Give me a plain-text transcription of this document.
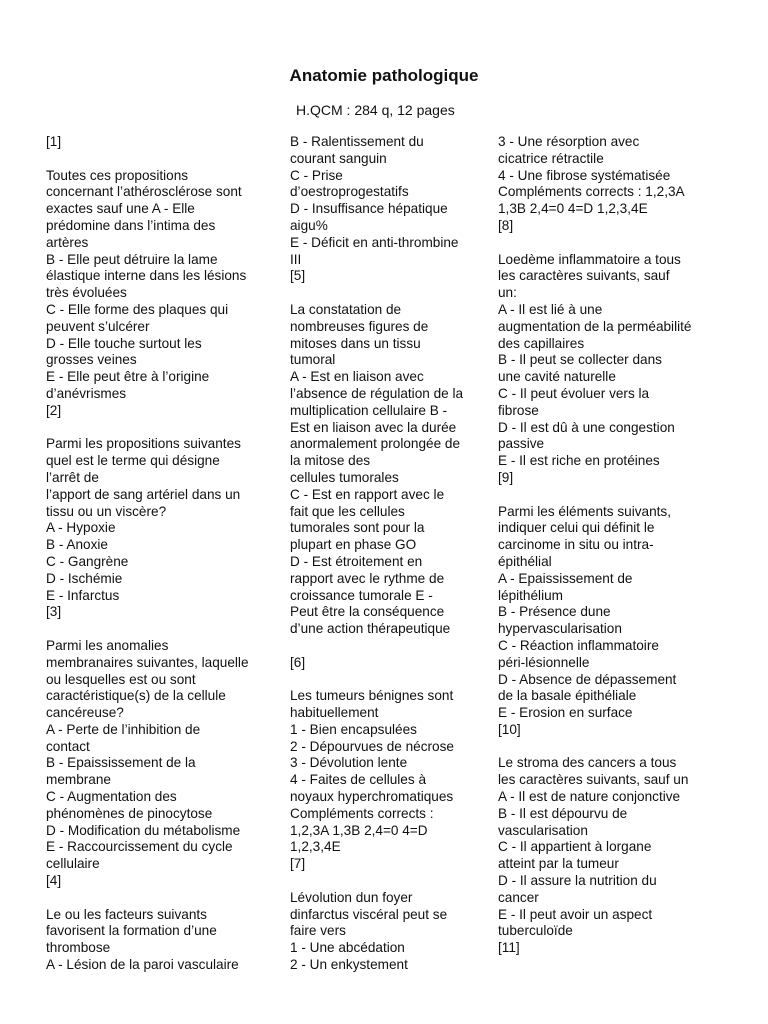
Anatomie pathologique
H.QCM : 284 q, 12 pages
[1]
Toutes ces propositions
concernant l’athérosclérose sont
exactes sauf une A - Elle
prédomine dans l’intima des
artères
B - Elle peut détruire la lame
élastique interne dans les lésions
très évoluées
C - Elle forme des plaques qui
peuvent s’ulcérer
D - Elle touche surtout les
grosses veines
E - Elle peut être à l’origine
d’anévrismes
[2]
Parmi les propositions suivantes
quel est le terme qui désigne
l’arrêt de
l’apport de sang artériel dans un
tissu ou un viscère?
A - Hypoxie
B - Anoxie
C - Gangrène
D - Ischémie
E - Infarctus
[3]
Parmi les anomalies
membranaires suivantes, laquelle
ou lesquelles est ou sont
caractéristique(s) de la cellule
cancéreuse?
A - Perte de l’inhibition de
contact
B - Epaississement de la
membrane
C - Augmentation des
phénomènes de pinocytose
D - Modification du métabolisme
E - Raccourcissement du cycle
cellulaire
[4]
Le ou les facteurs suivants
favorisent la formation d’une
thrombose
A - Lésion de la paroi vasculaire
B - Ralentissement du
courant sanguin
C - Prise
d’oestroprogestatifs
D - Insuffisance hépatique
aigu%
E - Déficit en anti-thrombine
III
[5]
La constatation de
nombreuses figures de
mitoses dans un tissu
tumoral
A - Est en liaison avec
l’absence de régulation de la
multiplication cellulaire B -
Est en liaison avec la durée
anormalement prolongée de
la mitose des
cellules tumorales
C - Est en rapport avec le
fait que les cellules
tumorales sont pour la
plupart en phase GO
D - Est étroitement en
rapport avec le rythme de
croissance tumorale E -
Peut être la conséquence
d’une action thérapeutique
[6]
Les tumeurs bénignes sont
habituellement
1 - Bien encapsulées
2 - Dépourvues de nécrose
3 - Dévolution lente
4 - Faites de cellules à
noyaux hyperchromatiques
Compléments corrects :
1,2,3A 1,3B 2,4=0 4=D
1,2,3,4E
[7]
Lévolution dun foyer
dinfarctus viscéral peut se
faire vers
1 - Une abcédation
2 - Un enkystement
3 - Une résorption avec
cicatrice rétractile
4 - Une fibrose systématisée
Compléments corrects : 1,2,3A
1,3B 2,4=0 4=D 1,2,3,4E
[8]
Loedème inflammatoire a tous
les caractères suivants, sauf
un:
A - Il est lié à une
augmentation de la perméabilité
des capillaires
B - Il peut se collecter dans
une cavité naturelle
C - Il peut évoluer vers la
fibrose
D - Il est dû à une congestion
passive
E - Il est riche en protéines
[9]
Parmi les éléments suivants,
indiquer celui qui définit le
carcinome in situ ou intra-
épithélial
A - Epaississement de
lépithélium
B - Présence dune
hypervascularisation
C - Réaction inflammatoire
péri-lésionnelle
D - Absence de dépassement
de la basale épithéliale
E - Erosion en surface
[10]
Le stroma des cancers a tous
les caractères suivants, sauf un
A - Il est de nature conjonctive
B - Il est dépourvu de
vascularisation
C - Il appartient à lorgane
atteint par la tumeur
D - Il assure la nutrition du
cancer
E - Il peut avoir un aspect
tuberculoïde
[11]
